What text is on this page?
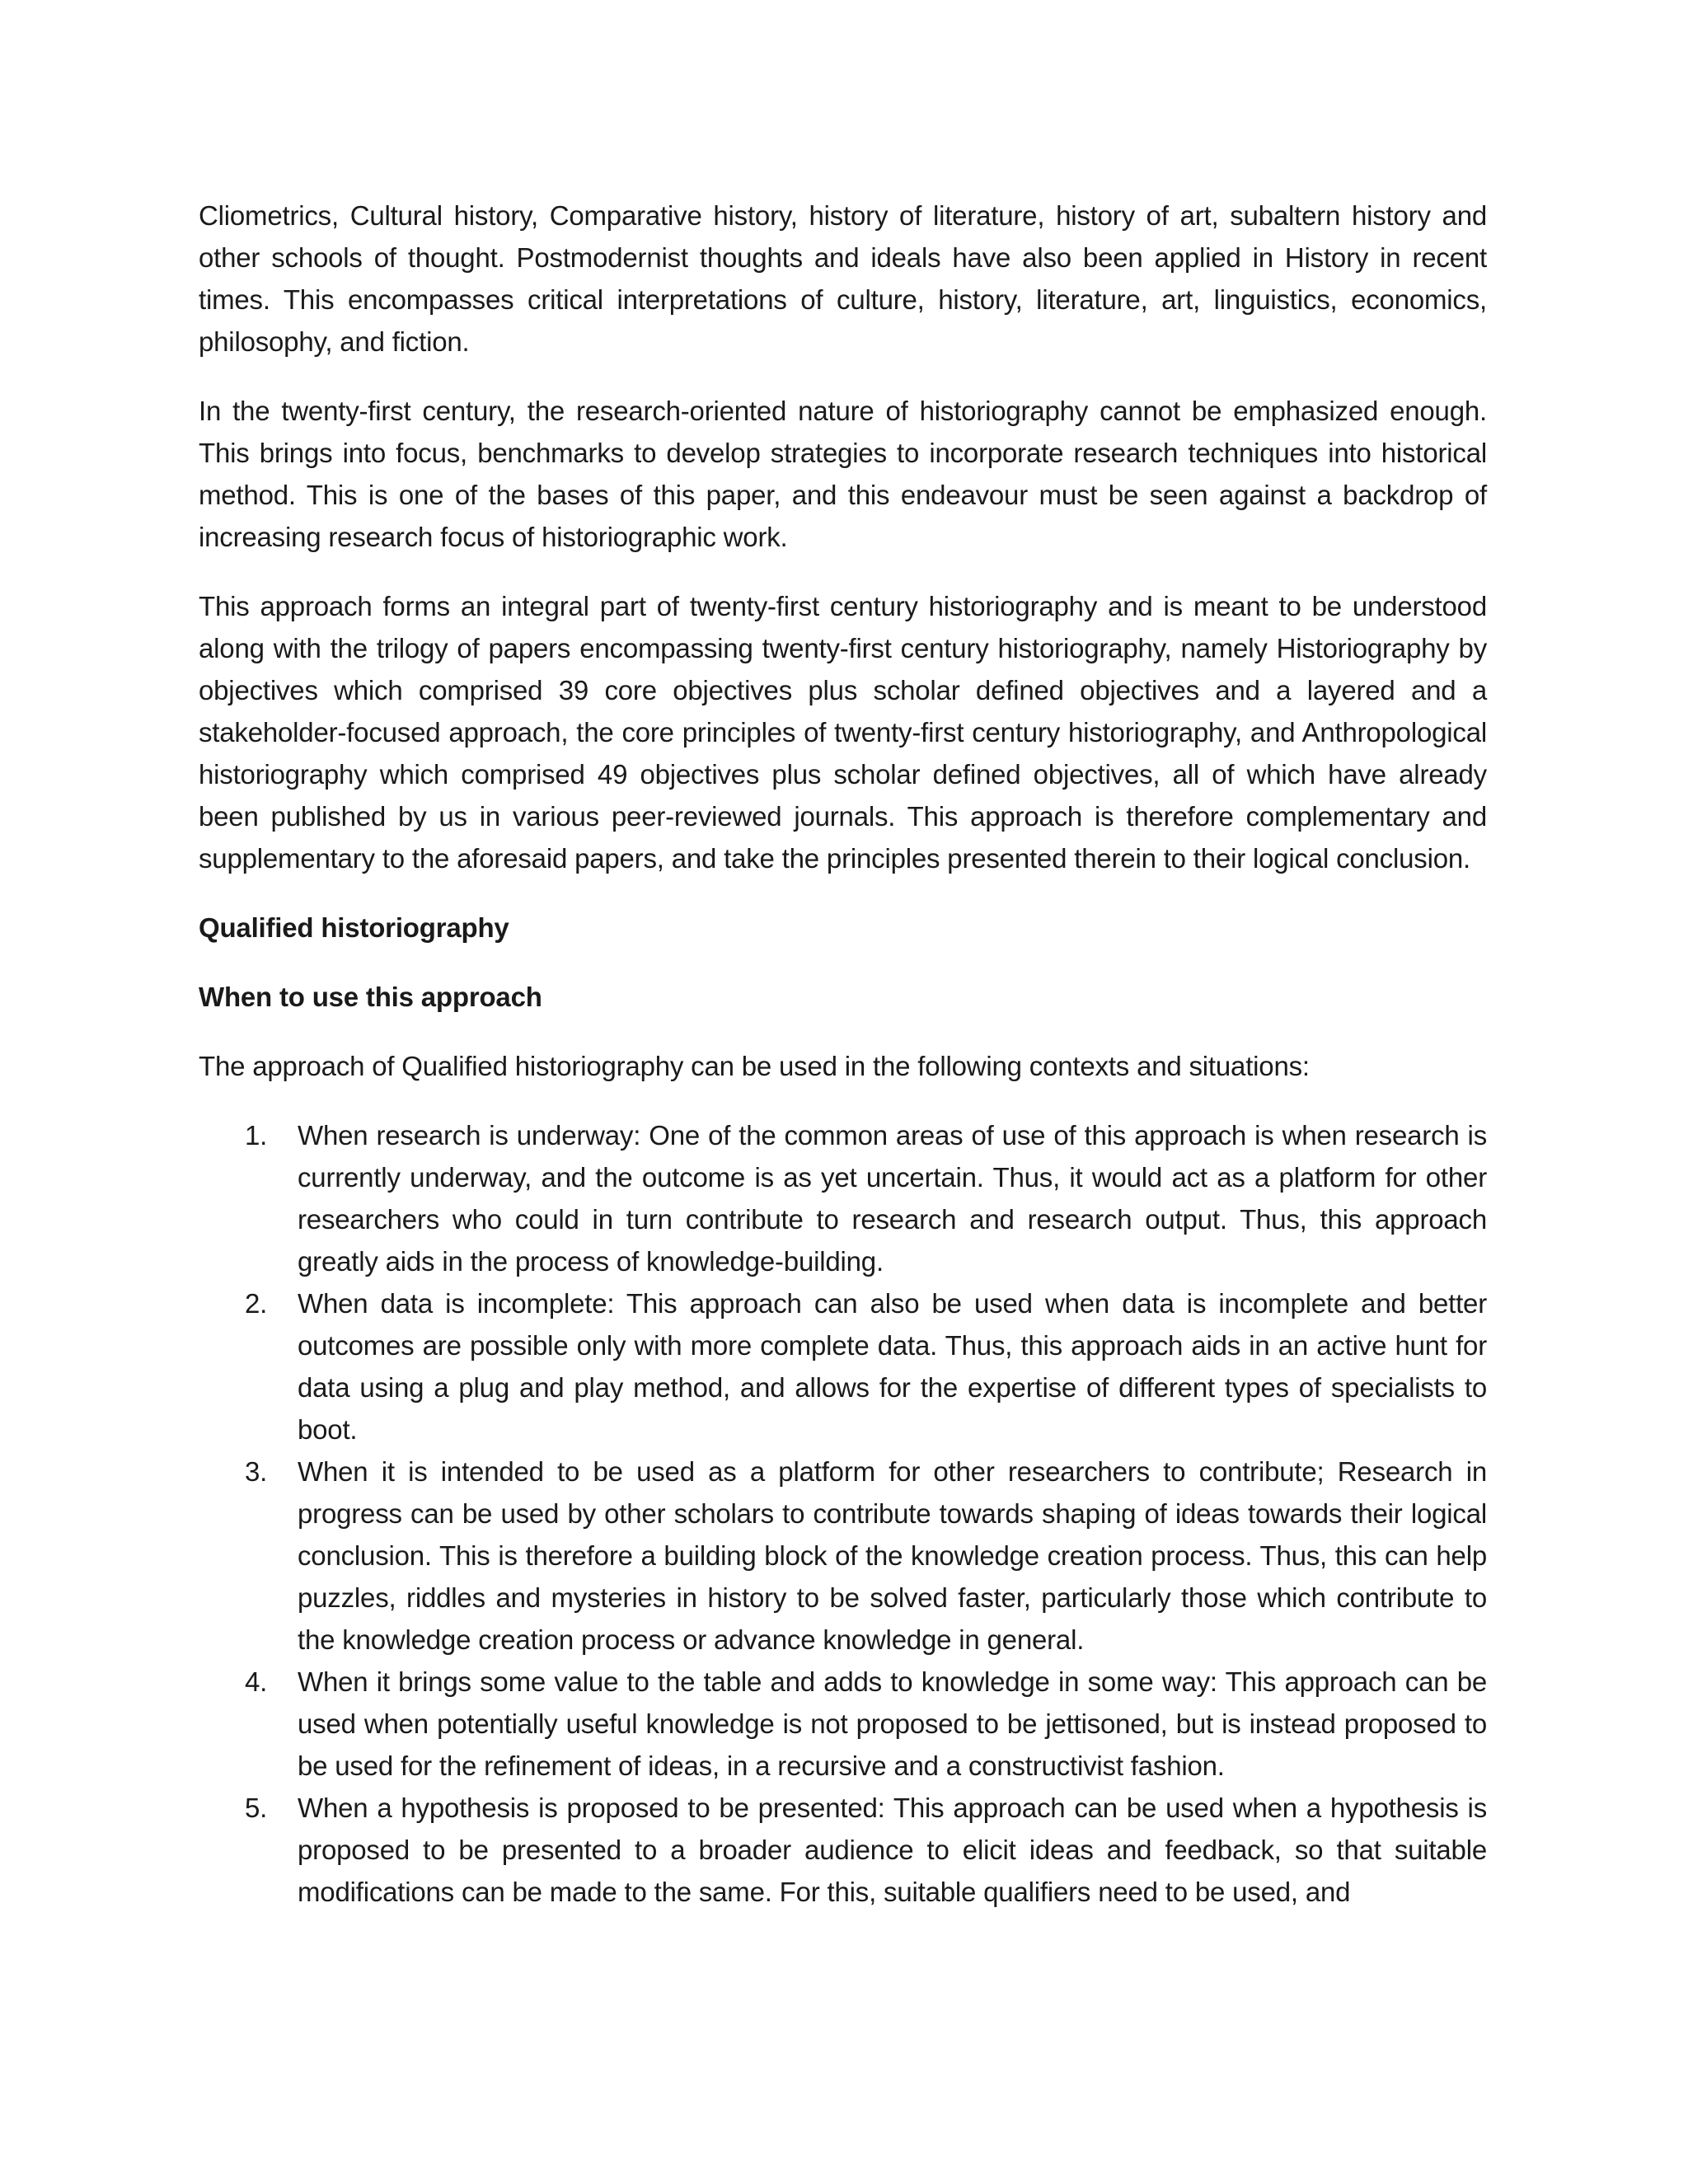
Cliometrics, Cultural history, Comparative history, history of literature, history of art, subaltern history and other schools of thought. Postmodernist thoughts and ideals have also been applied in History in recent times. This encompasses critical interpretations of culture, history, literature, art, linguistics, economics, philosophy, and fiction.

In the twenty-first century, the research-oriented nature of historiography cannot be emphasized enough. This brings into focus, benchmarks to develop strategies to incorporate research techniques into historical method. This is one of the bases of this paper, and this endeavour must be seen against a backdrop of increasing research focus of historiographic work.

This approach forms an integral part of twenty-first century historiography and is meant to be understood along with the trilogy of papers encompassing twenty-first century historiography, namely Historiography by objectives which comprised 39 core objectives plus scholar defined objectives and a layered and a stakeholder-focused approach, the core principles of twenty-first century historiography, and Anthropological historiography which comprised 49 objectives plus scholar defined objectives, all of which have already been published by us in various peer-reviewed journals. This approach is therefore complementary and supplementary to the aforesaid papers, and take the principles presented therein to their logical conclusion.

Qualified historiography

When to use this approach

The approach of Qualified historiography can be used in the following contexts and situations:

1. When research is underway: One of the common areas of use of this approach is when research is currently underway, and the outcome is as yet uncertain. Thus, it would act as a platform for other researchers who could in turn contribute to research and research output. Thus, this approach greatly aids in the process of knowledge-building.
2. When data is incomplete: This approach can also be used when data is incomplete and better outcomes are possible only with more complete data. Thus, this approach aids in an active hunt for data using a plug and play method, and allows for the expertise of different types of specialists to boot.
3. When it is intended to be used as a platform for other researchers to contribute; Research in progress can be used by other scholars to contribute towards shaping of ideas towards their logical conclusion. This is therefore a building block of the knowledge creation process. Thus, this can help puzzles, riddles and mysteries in history to be solved faster, particularly those which contribute to the knowledge creation process or advance knowledge in general.
4. When it brings some value to the table and adds to knowledge in some way: This approach can be used when potentially useful knowledge is not proposed to be jettisoned, but is instead proposed to be used for the refinement of ideas, in a recursive and a constructivist fashion.
5. When a hypothesis is proposed to be presented: This approach can be used when a hypothesis is proposed to be presented to a broader audience to elicit ideas and feedback, so that suitable modifications can be made to the same. For this, suitable qualifiers need to be used, and
